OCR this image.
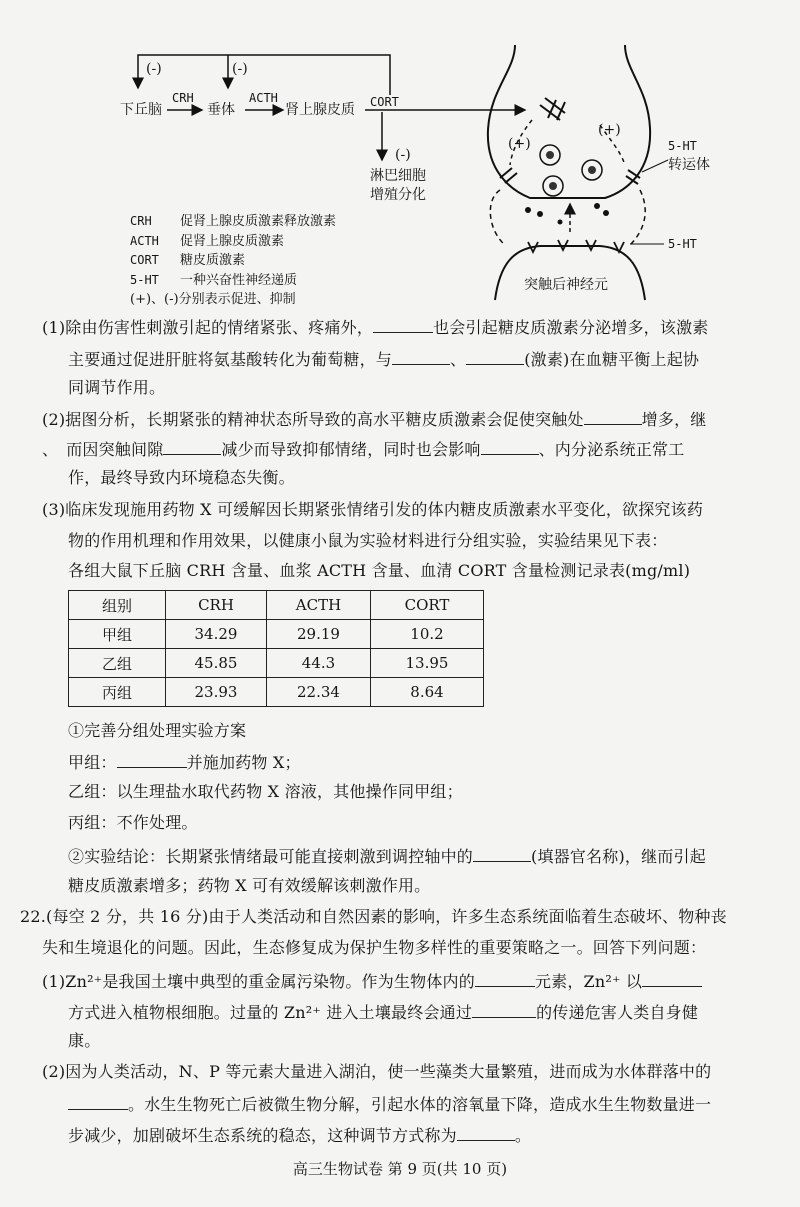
(-)	(-)
下丘脑
CRH
垂体
ACTH
肾上腺皮质 CORT
(-)
淋巴细胞
增殖分化
(+)
(+)
5-HT
转运体
5-HT
突触后神经元
CRH 促肾上腺皮质激素释放激素
ACTH 促肾上腺皮质激素
CORT 糖皮质激素
5-HT 一种兴奋性神经递质
(+)、(-)分别表示促进、抑制
(1)除由伤害性刺激引起的情绪紧张、疼痛外，	也会引起糖皮质激素分泌增多，该激素
主要通过促进肝脏将氨基酸转化为葡萄糖，与	、	(激素)在血糖平衡上起协
同调节作用。
(2)据图分析，长期紧张的精神状态所导致的高水平糖皮质激素会促使突触处	增多，继
、 而因突触间隙	减少而导致抑郁情绪，同时也会影响	、内分泌系统正常工
作，最终导致内环境稳态失衡。
(3)临床发现施用药物 X 可缓解因长期紧张情绪引发的体内糖皮质激素水平变化，欲探究该药
物的作用机理和作用效果，以健康小鼠为实验材料进行分组实验，实验结果见下表：
各组大鼠下丘脑 CRH 含量、血浆 ACTH 含量、血清 CORT 含量检测记录表(mg/ml)
组别	CRH	ACTH	CORT
甲组	34.29	29.19	10.2
乙组	45.85	44.3	13.95
丙组	23.93	22.34	8.64
①完善分组处理实验方案
甲组：	并施加药物 X；
乙组：以生理盐水取代药物 X 溶液，其他操作同甲组；
丙组：不作处理。
②实验结论：长期紧张情绪最可能直接刺激到调控轴中的	(填器官名称)，继而引起
糖皮质激素增多；药物 X 可有效缓解该刺激作用。
22.(每空 2 分，共 16 分)由于人类活动和自然因素的影响，许多生态系统面临着生态破坏、物种丧
失和生境退化的问题。因此，生态修复成为保护生物多样性的重要策略之一。回答下列问题：
(1)Zn²⁺是我国土壤中典型的重金属污染物。作为生物体内的	元素，Zn²⁺ 以
方式进入植物根细胞。过量的 Zn²⁺ 进入土壤最终会通过	的传递危害人类自身健
康。
(2)因为人类活动，N、P 等元素大量进入湖泊，使一些藻类大量繁殖，进而成为水体群落中的
。水生生物死亡后被微生物分解，引起水体的溶氧量下降，造成水生生物数量进一
步减少，加剧破坏生态系统的稳态，这种调节方式称为	。
高三生物试卷 第 9 页(共 10 页)
